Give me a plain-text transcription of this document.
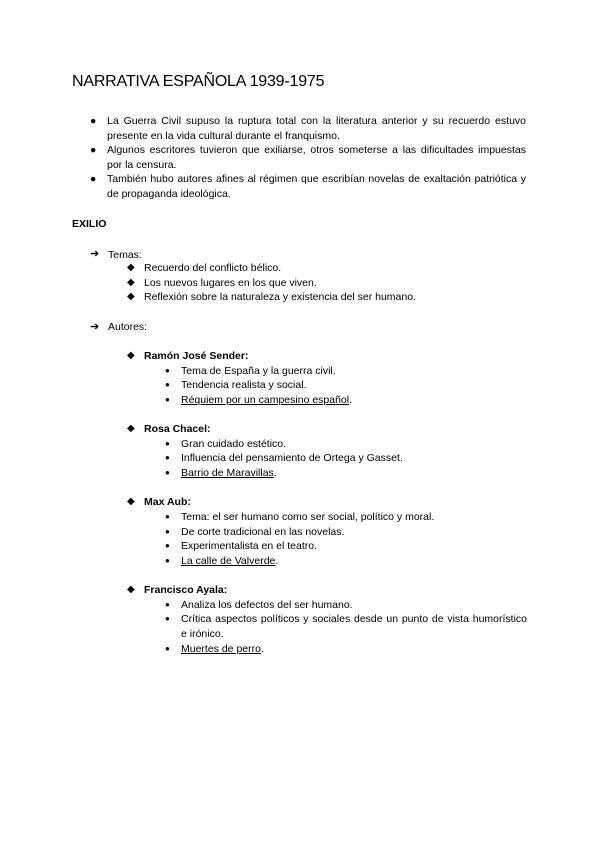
NARRATIVA ESPAÑOLA 1939-1975
● La Guerra Civil supuso la ruptura total con la literatura anterior y su recuerdo estuvo presente en la vida cultural durante el franquismo.
● Algunos escritores tuvieron que exiliarse, otros someterse a las dificultades impuestas por la censura.
● También hubo autores afines al régimen que escribían novelas de exaltación patriótica y de propaganda ideológica.
EXILIO
➔ Temas:
◆ Recuerdo del conflicto bélico.
◆ Los nuevos lugares en los que viven.
◆ Reflexión sobre la naturaleza y existencia del ser humano.
➔ Autores:
◆ Ramón José Sender:
● Tema de España y la guerra civil.
● Tendencia realista y social.
● Réquiem por un campesino español.
◆ Rosa Chacel:
● Gran cuidado estético.
● Influencia del pensamiento de Ortega y Gasset.
● Barrio de Maravillas.
◆ Max Aub:
● Tema: el ser humano como ser social, político y moral.
● De corte tradicional en las novelas.
● Experimentalista en el teatro.
● La calle de Valverde.
◆ Francisco Ayala:
● Analiza los defectos del ser humano.
● Crítica aspectos políticos y sociales desde un punto de vista humorístico e irónico.
● Muertes de perro.
